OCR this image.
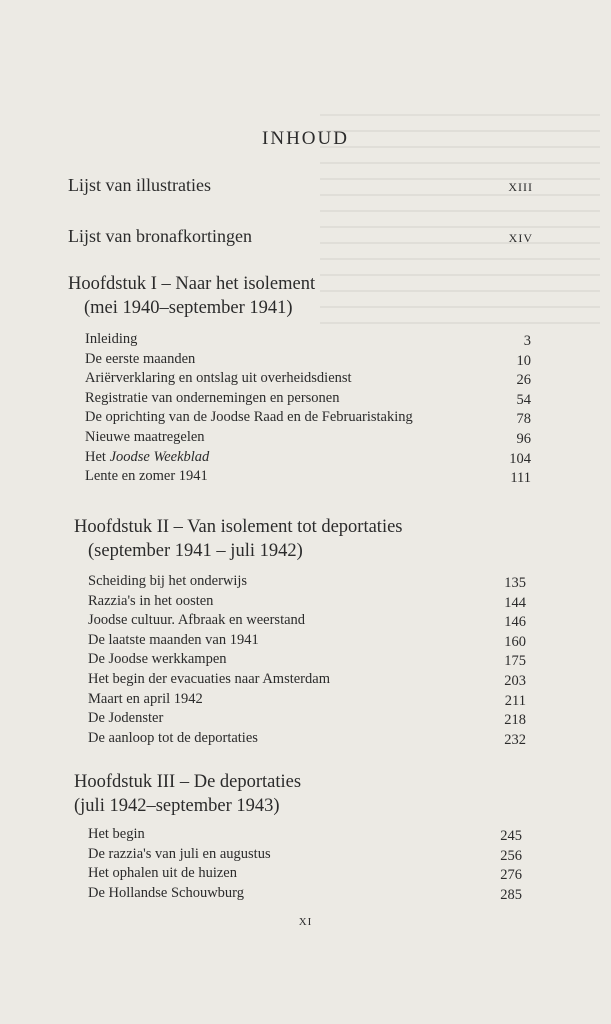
INHOUD
Lijst van illustraties	XIII
Lijst van bronafkortingen	XIV
Hoofdstuk I – Naar het isolement
(mei 1940–september 1941)
Inleiding	3
De eerste maanden	10
Ariërverklaring en ontslag uit overheidsdienst	26
Registratie van ondernemingen en personen	54
De oprichting van de Joodse Raad en de Februaristaking	78
Nieuwe maatregelen	96
Het Joodse Weekblad	104
Lente en zomer 1941	111
Hoofdstuk II – Van isolement tot deportaties
(september 1941 – juli 1942)
Scheiding bij het onderwijs	135
Razzia's in het oosten	144
Joodse cultuur. Afbraak en weerstand	146
De laatste maanden van 1941	160
De Joodse werkkampen	175
Het begin der evacuaties naar Amsterdam	203
Maart en april 1942	211
De Jodenster	218
De aanloop tot de deportaties	232
Hoofdstuk III – De deportaties
(juli 1942–september 1943)
Het begin	245
De razzia's van juli en augustus	256
Het ophalen uit de huizen	276
De Hollandse Schouwburg	285
XI
